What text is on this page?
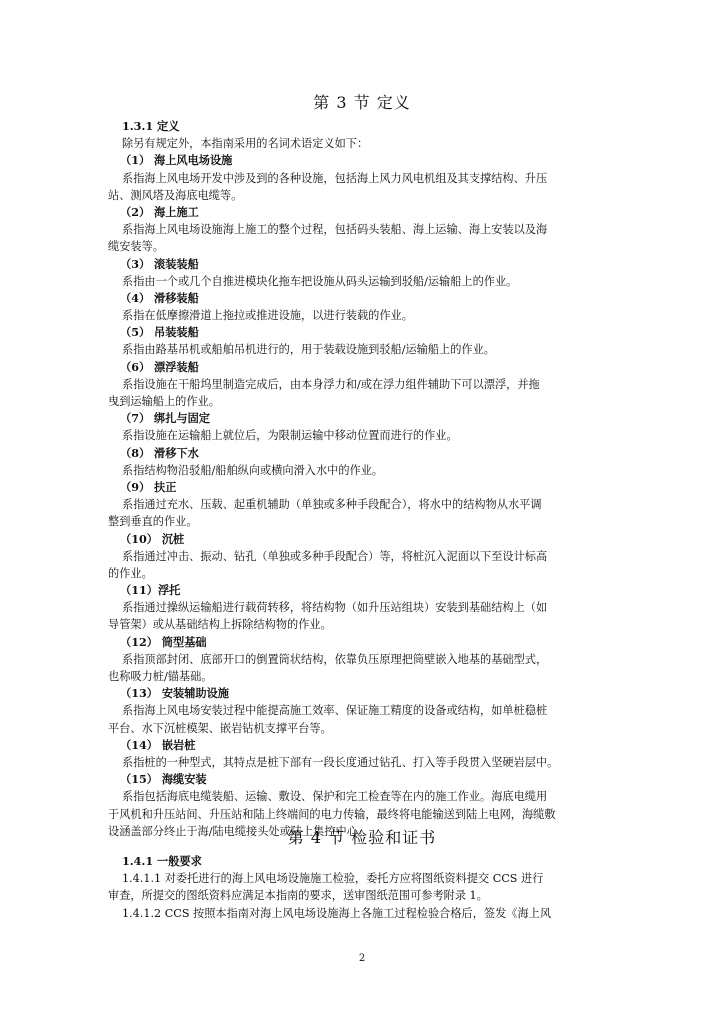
第 3 节 定义
1.3.1 定义
除另有规定外，本指南采用的名词术语定义如下：
（1） 海上风电场设施
系指海上风电场开发中涉及到的各种设施，包括海上风力风电机组及其支撑结构、升压
站、测风塔及海底电缆等。
（2） 海上施工
系指海上风电场设施海上施工的整个过程，包括码头装船、海上运输、海上安装以及海
缆安装等。
（3） 滚装装船
系指由一个或几个自推进模块化拖车把设施从码头运输到驳船/运输船上的作业。
（4） 滑移装船
系指在低摩擦滑道上拖拉或推进设施，以进行装载的作业。
（5） 吊装装船
系指由路基吊机或船舶吊机进行的，用于装载设施到驳船/运输船上的作业。
（6） 漂浮装船
系指设施在干船坞里制造完成后，由本身浮力和/或在浮力组件辅助下可以漂浮，并拖
曳到运输船上的作业。
（7） 绑扎与固定
系指设施在运输船上就位后，为限制运输中移动位置而进行的作业。
（8） 滑移下水
系指结构物沿驳船/船舶纵向或横向滑入水中的作业。
（9） 扶正
系指通过充水、压载、起重机辅助（单独或多种手段配合），将水中的结构物从水平调
整到垂直的作业。
（10） 沉桩
系指通过冲击、振动、钻孔（单独或多种手段配合）等，将桩沉入泥面以下至设计标高
的作业。
（11）浮托
系指通过操纵运输船进行载荷转移，将结构物（如升压站组块）安装到基础结构上（如
导管架）或从基础结构上拆除结构物的作业。
（12） 筒型基础
系指顶部封闭、底部开口的倒置筒状结构，依靠负压原理把筒壁嵌入地基的基础型式，
也称吸力桩/锚基础。
（13） 安装辅助设施
系指海上风电场安装过程中能提高施工效率、保证施工精度的设备或结构，如单桩稳桩
平台、水下沉桩模架、嵌岩钻机支撑平台等。
（14） 嵌岩桩
系指桩的一种型式，其特点是桩下部有一段长度通过钻孔、打入等手段贯入坚硬岩层中。
（15） 海缆安装
系指包括海底电缆装船、运输、敷设、保护和完工检查等在内的施工作业。海底电缆用
于风机和升压站间、升压站和陆上终端间的电力传输，最终将电能输送到陆上电网，海缆敷
设涵盖部分终止于海/陆电缆接头处或陆上集控中心。
第 4 节 检验和证书
1.4.1 一般要求
1.4.1.1 对委托进行的海上风电场设施施工检验，委托方应将图纸资料提交 CCS 进行
审查，所提交的图纸资料应满足本指南的要求，送审图纸范围可参考附录 1。
1.4.1.2 CCS 按照本指南对海上风电场设施海上各施工过程检验合格后，签发《海上风
2
